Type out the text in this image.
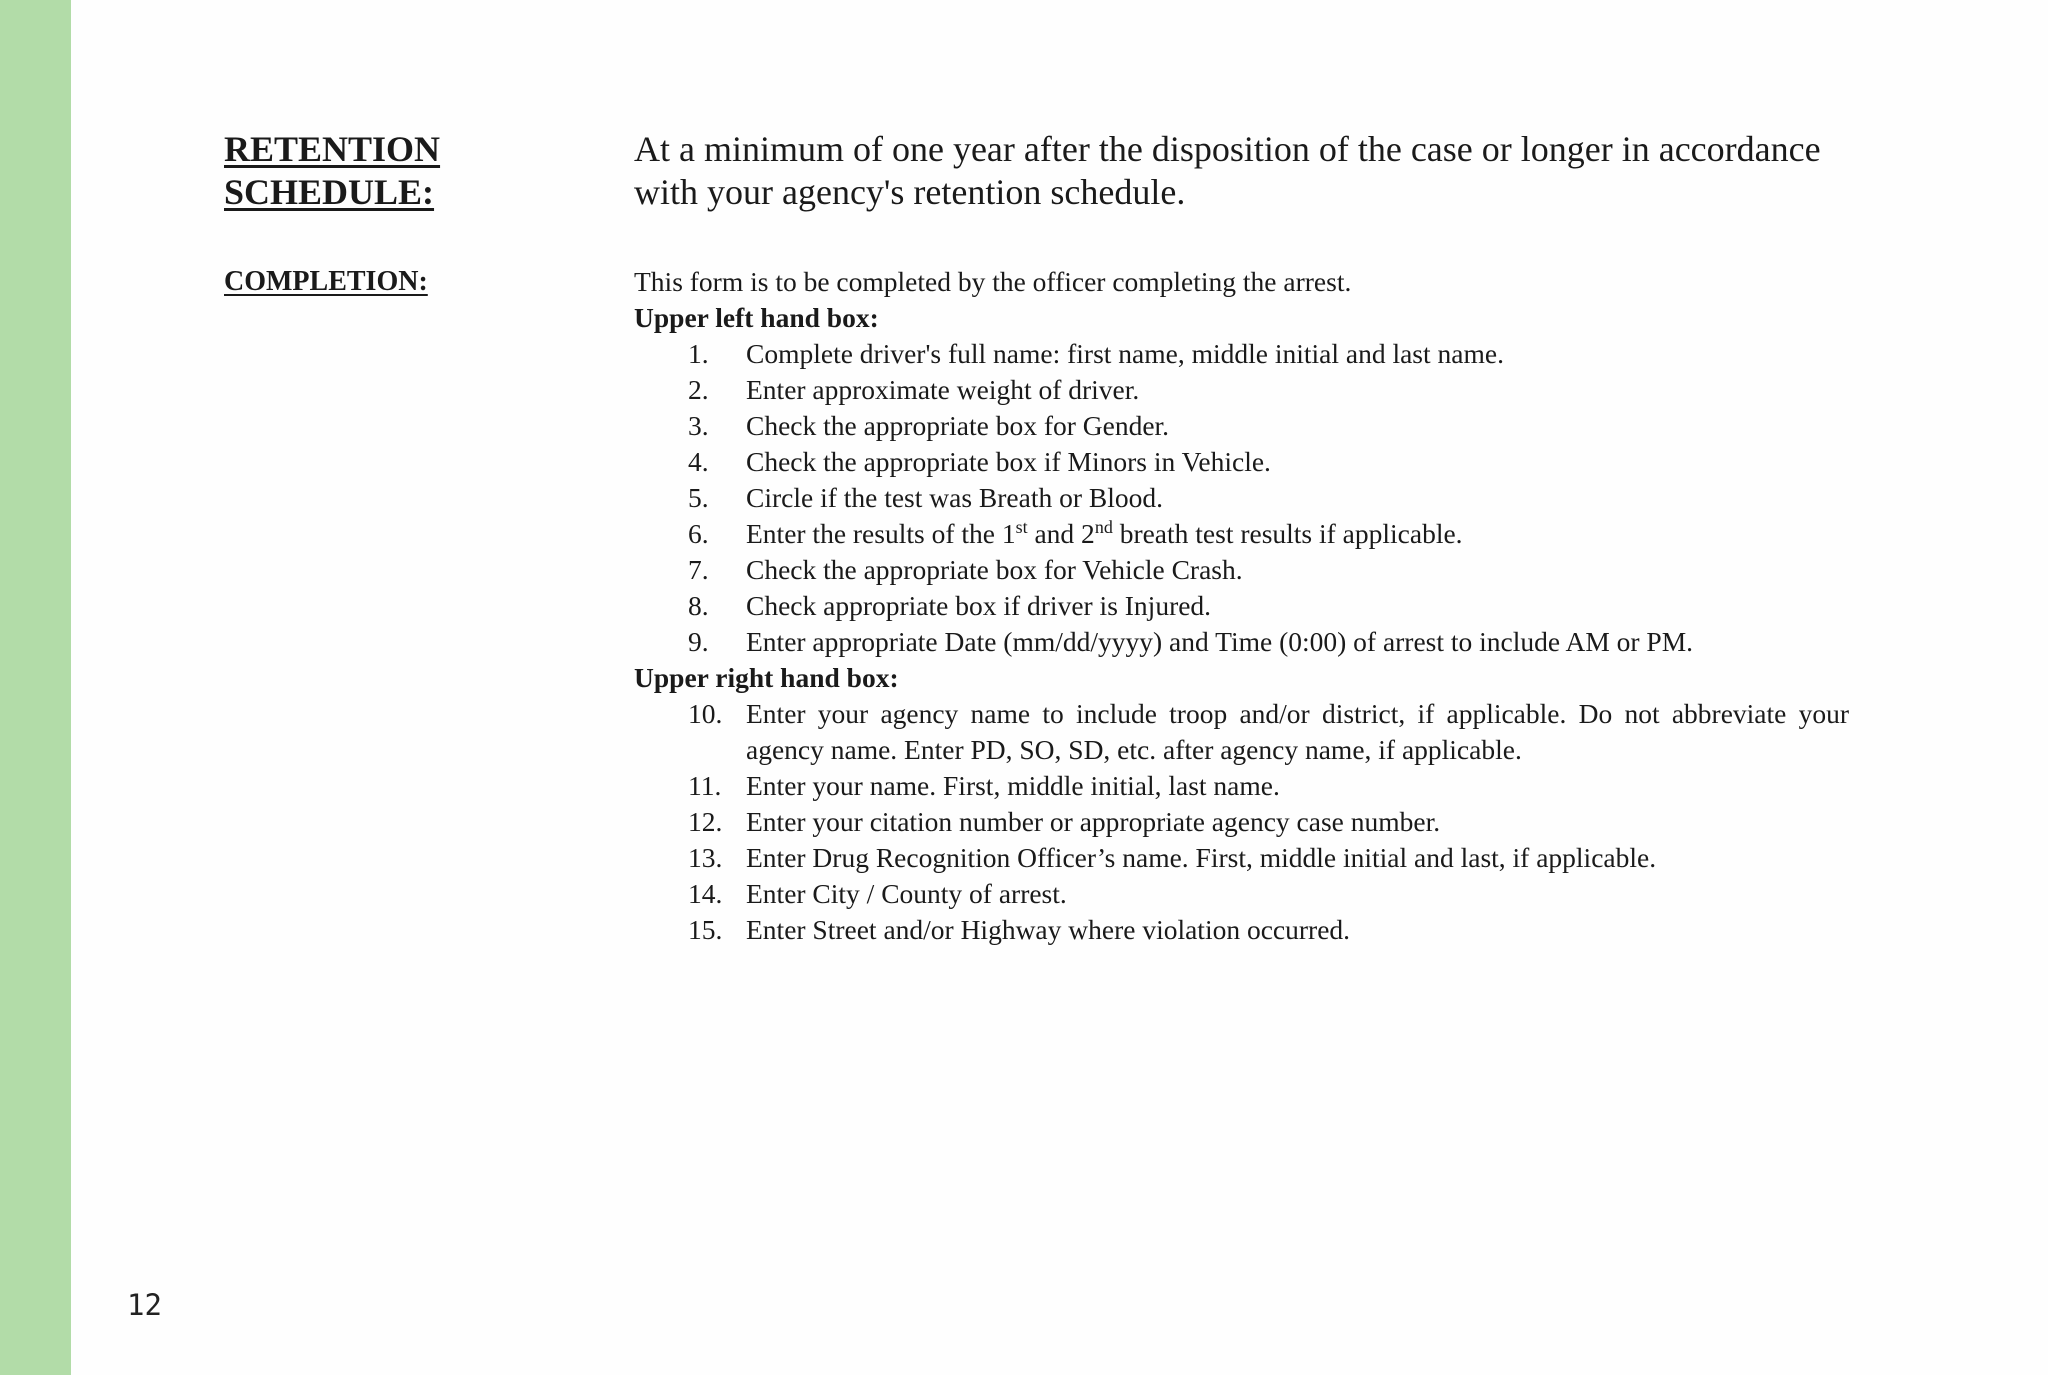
RETENTION
SCHEDULE:
At a minimum of one year after the disposition of the case or longer in accordance with your agency's retention schedule.
COMPLETION:	This form is to be completed by the officer completing the arrest.

Upper left hand box:

1. Complete driver's full name: first name, middle initial and last name.
2. Enter approximate weight of driver.
3. Check the appropriate box for Gender.
4. Check the appropriate box if Minors in Vehicle.
5. Circle if the test was Breath or Blood.
6. Enter the results of the 1st and 2nd breath test results if applicable.
7. Check the appropriate box for Vehicle Crash.
8. Check appropriate box if driver is Injured.
9. Enter appropriate Date (mm/dd/yyyy) and Time (0:00) of arrest to include AM or PM.

Upper right hand box:

10. Enter your agency name to include troop and/or district, if applicable. Do not abbreviate your agency name. Enter PD, SO, SD, etc. after agency name, if applicable.
11. Enter your name. First, middle initial, last name.
12. Enter your citation number or appropriate agency case number.
13. Enter Drug Recognition Officer’s name. First, middle initial and last, if applicable.
14. Enter City / County of arrest.
15. Enter Street and/or Highway where violation occurred.
12
